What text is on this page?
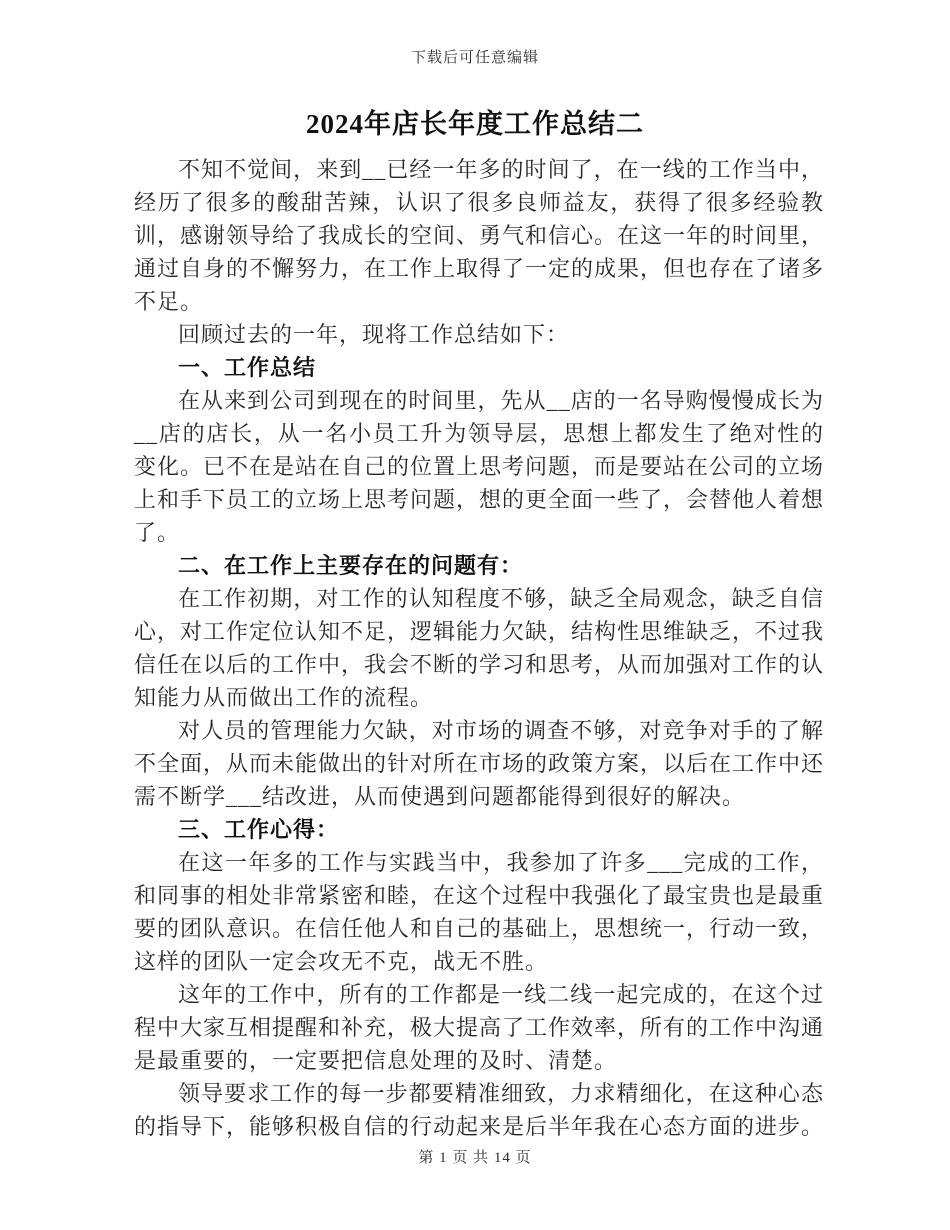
下载后可任意编辑
2024年店长年度工作总结二

不知不觉间，来到__已经一年多的时间了，在一线的工作当中，经历了很多的酸甜苦辣，认识了很多良师益友，获得了很多经验教训，感谢领导给了我成长的空间、勇气和信心。在这一年的时间里，通过自身的不懈努力，在工作上取得了一定的成果，但也存在了诸多不足。

回顾过去的一年，现将工作总结如下：

一、工作总结

在从来到公司到现在的时间里，先从__店的一名导购慢慢成长为__店的店长，从一名小员工升为领导层，思想上都发生了绝对性的变化。已不在是站在自己的位置上思考问题，而是要站在公司的立场上和手下员工的立场上思考问题，想的更全面一些了，会替他人着想了。

二、在工作上主要存在的问题有：

在工作初期，对工作的认知程度不够，缺乏全局观念，缺乏自信心，对工作定位认知不足，逻辑能力欠缺，结构性思维缺乏，不过我信任在以后的工作中，我会不断的学习和思考，从而加强对工作的认知能力从而做出工作的流程。

对人员的管理能力欠缺，对市场的调查不够，对竞争对手的了解不全面，从而未能做出的针对所在市场的政策方案，以后在工作中还需不断学___结改进，从而使遇到问题都能得到很好的解决。

三、工作心得：

在这一年多的工作与实践当中，我参加了许多___完成的工作，和同事的相处非常紧密和睦，在这个过程中我强化了最宝贵也是最重要的团队意识。在信任他人和自己的基础上，思想统一，行动一致，这样的团队一定会攻无不克，战无不胜。

这年的工作中，所有的工作都是一线二线一起完成的，在这个过程中大家互相提醒和补充，极大提高了工作效率，所有的工作中沟通是最重要的，一定要把信息处理的及时、清楚。

领导要求工作的每一步都要精准细致，力求精细化，在这种心态的指导下，能够积极自信的行动起来是后半年我在心态方面的进步。

第 1 页 共 14 页
